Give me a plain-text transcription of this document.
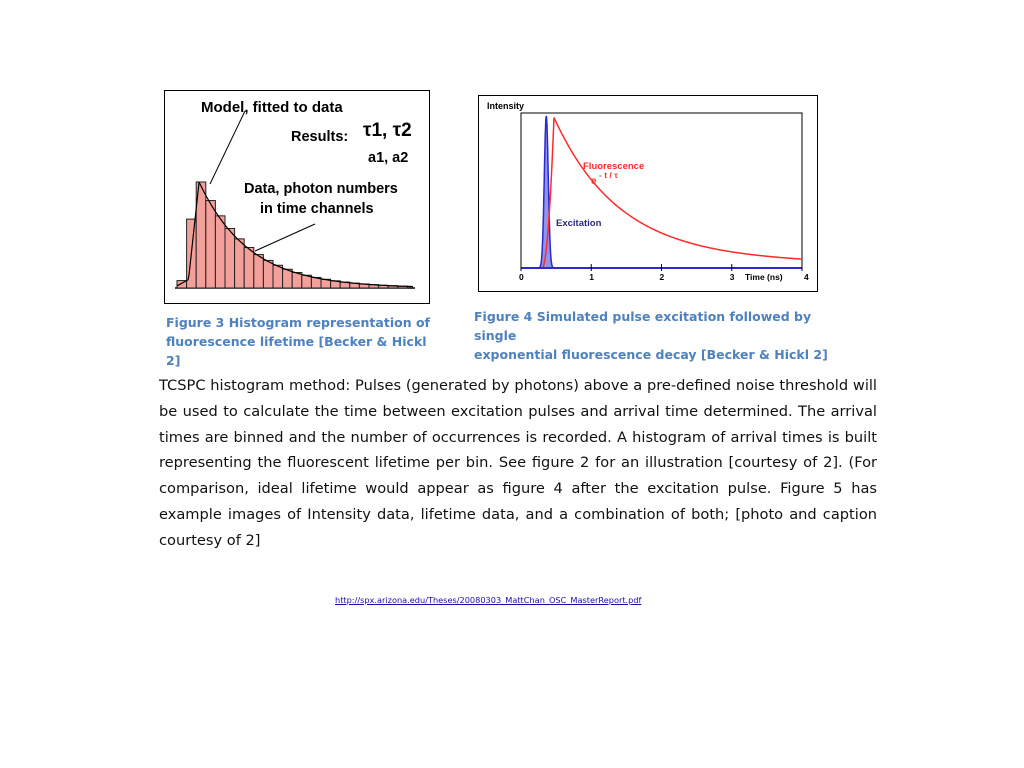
Model, fitted to data
Results: τ1, τ2
a1, a2
Data, photon numbers
in time channels
Figure 3 Histogram representation of
fluorescence lifetime [Becker & Hickl 2]
Intensity
0	1	2	3	4
Fluorescence
e
- t / τ
Excitation
Time (ns)
Figure 4 Simulated pulse excitation followed by single
exponential fluorescence decay [Becker & Hickl 2]
TCSPC histogram method: Pulses (generated by photons) above a pre-defined noise threshold will be used to calculate the time between excitation pulses and arrival time determined. The arrival times are binned and the number of occurrences is recorded. A histogram of arrival times is built representing the fluorescent lifetime per bin. See figure 2 for an illustration [courtesy of 2]. (For comparison, ideal lifetime would appear as figure 4 after the excitation pulse. Figure 5 has example images of Intensity data, lifetime data, and a combination of both; [photo and caption courtesy of 2]
http://spx.arizona.edu/Theses/20080303_MattChan_OSC_MasterReport.pdf
